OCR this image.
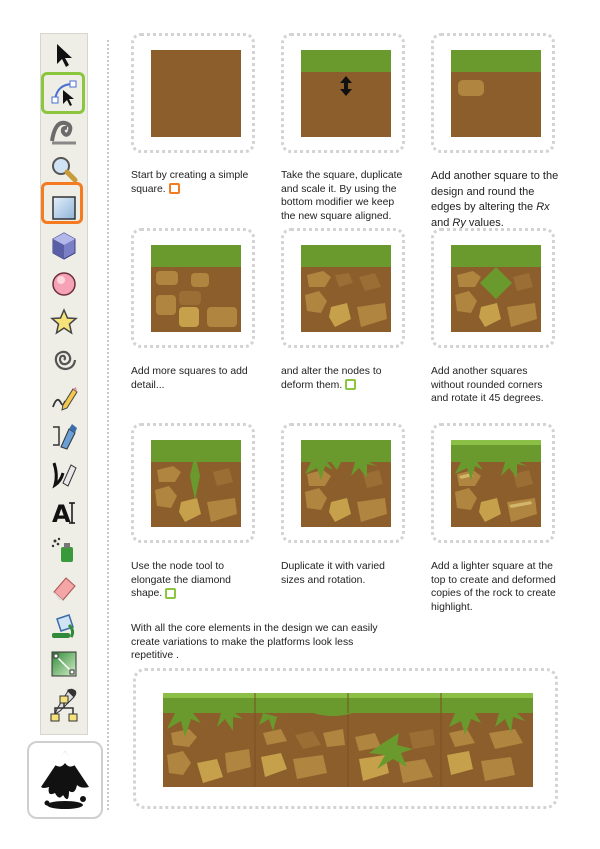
A
Start by creating a simple square.
Take the square, duplicate and scale it. By using the bottom modifier we keep the new square aligned.
Add another square to the design and round the edges by altering the Rx and Ry values.
Add more squares to add detail...
and alter the nodes to deform them.
Add another squares without rounded corners and rotate it 45 degrees.
Use the node tool to elongate the diamond shape.
Duplicate it with varied sizes and rotation.
Add a lighter square at the top to create and deformed copies of the rock to create highlight.
With all the core elements in the design we can easily create variations to make the platforms look less repetitive .
